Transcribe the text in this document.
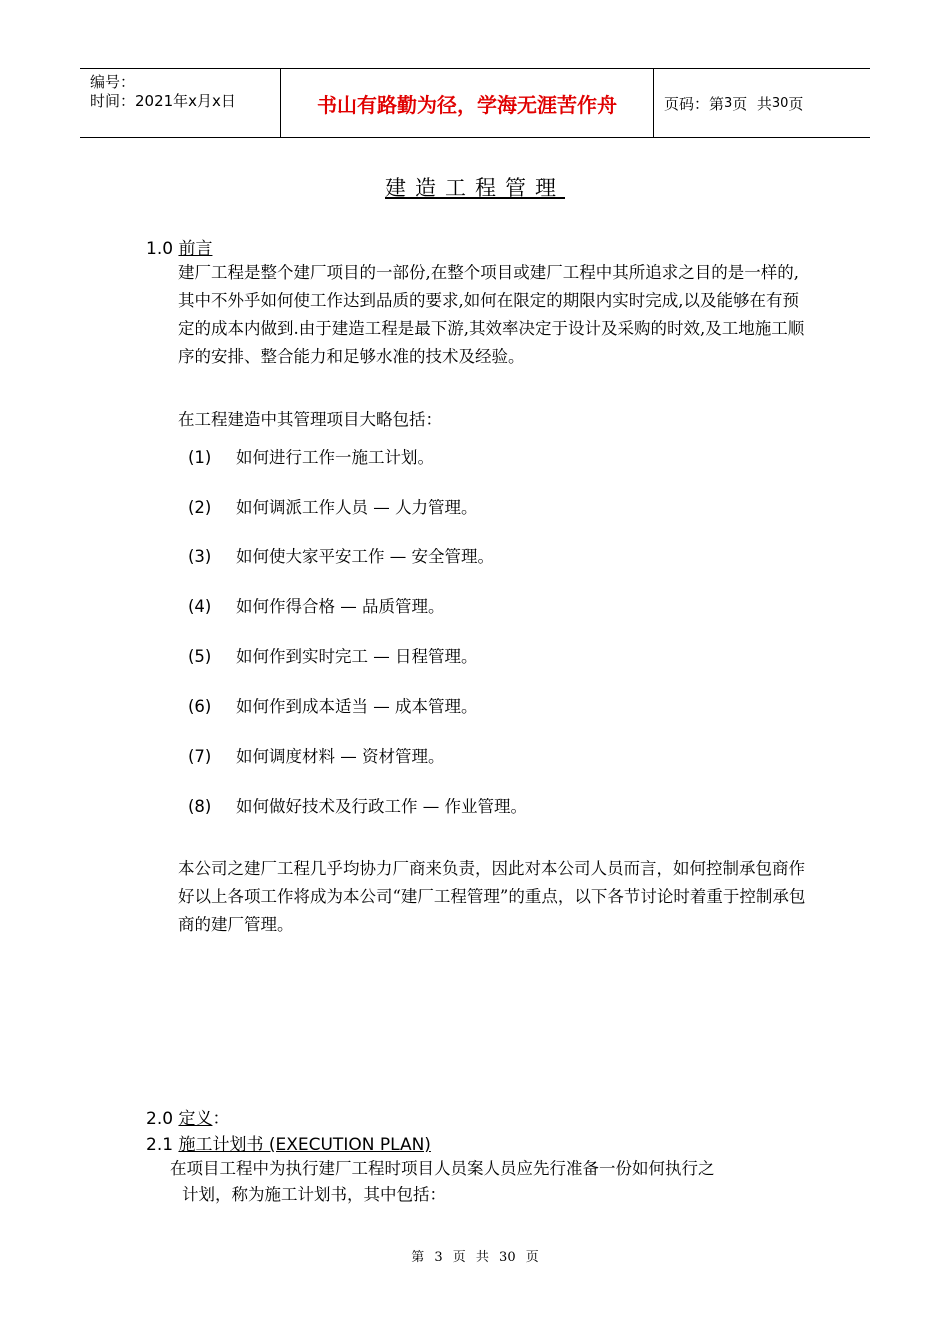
编号：
时间：2021年x月x日	书山有路勤为径，学海无涯苦作舟	页码：第 3 页  共 30 页
建造工程管理
1.0 前言
建厂工程是整个建厂项目的一部份,在整个项目或建厂工程中其所追求之目的是一样的,其中不外乎如何使工作达到品质的要求,如何在限定的期限内实时完成,以及能够在有预定的成本内做到.由于建造工程是最下游,其效率决定于设计及采购的时效,及工地施工顺序的安排、整合能力和足够水准的技术及经验。
在工程建造中其管理项目大略包括：
(1) 如何进行工作一施工计划。
(2) 如何调派工作人员 — 人力管理。
(3) 如何使大家平安工作 — 安全管理。
(4) 如何作得合格 — 品质管理。
(5) 如何作到实时完工 — 日程管理。
(6) 如何作到成本适当 — 成本管理。
(7) 如何调度材料 — 资材管理。
(8) 如何做好技术及行政工作 — 作业管理。
本公司之建厂工程几乎均协力厂商来负责，因此对本公司人员而言，如何控制承包商作好以上各项工作将成为本公司“建厂工程管理”的重点，以下各节讨论时着重于控制承包商的建厂管理。
2.0 定义：
2.1 施工计划书 (EXECUTION PLAN)
在项目工程中为执行建厂工程时项目人员案人员应先行准备一份如何执行之
计划，称为施工计划书，其中包括：
第 3 页 共 30 页
